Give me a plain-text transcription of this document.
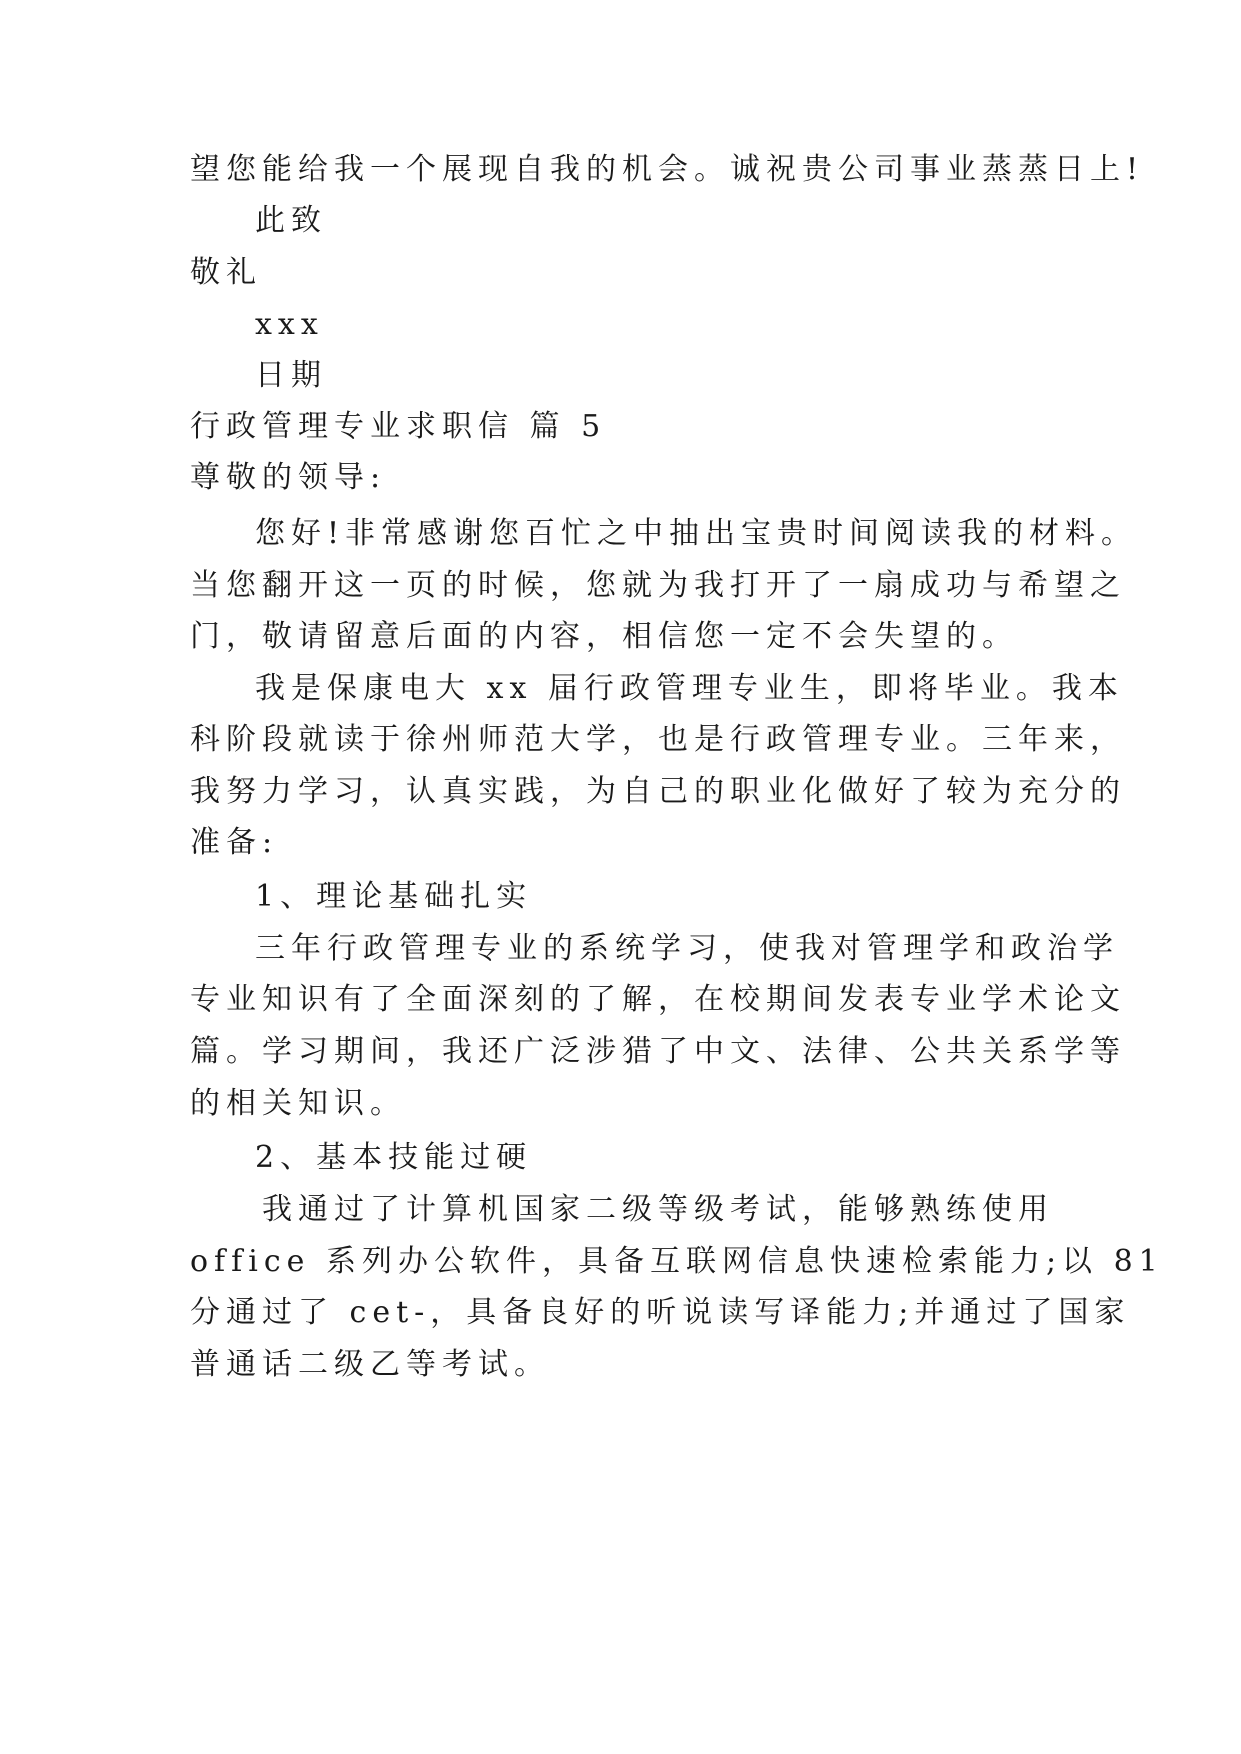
望您能给我一个展现自我的机会。诚祝贵公司事业蒸蒸日上!

此致

敬礼

xxx

日期

行政管理专业求职信 篇 5

尊敬的领导:

您好!非常感谢您百忙之中抽出宝贵时间阅读我的材料。

当您翻开这一页的时候，您就为我打开了一扇成功与希望之

门，敬请留意后面的内容，相信您一定不会失望的。

我是保康电大 xx 届行政管理专业生，即将毕业。我本

科阶段就读于徐州师范大学，也是行政管理专业。三年来，

我努力学习，认真实践，为自己的职业化做好了较为充分的

准备:

1、理论基础扎实

三年行政管理专业的系统学习，使我对管理学和政治学

专业知识有了全面深刻的了解，在校期间发表专业学术论文

篇。学习期间，我还广泛涉猎了中文、法律、公共关系学等

的相关知识。

2、基本技能过硬

我通过了计算机国家二级等级考试，能够熟练使用

office 系列办公软件，具备互联网信息快速检索能力;以 81

分通过了 cet-，具备良好的听说读写译能力;并通过了国家

普通话二级乙等考试。
